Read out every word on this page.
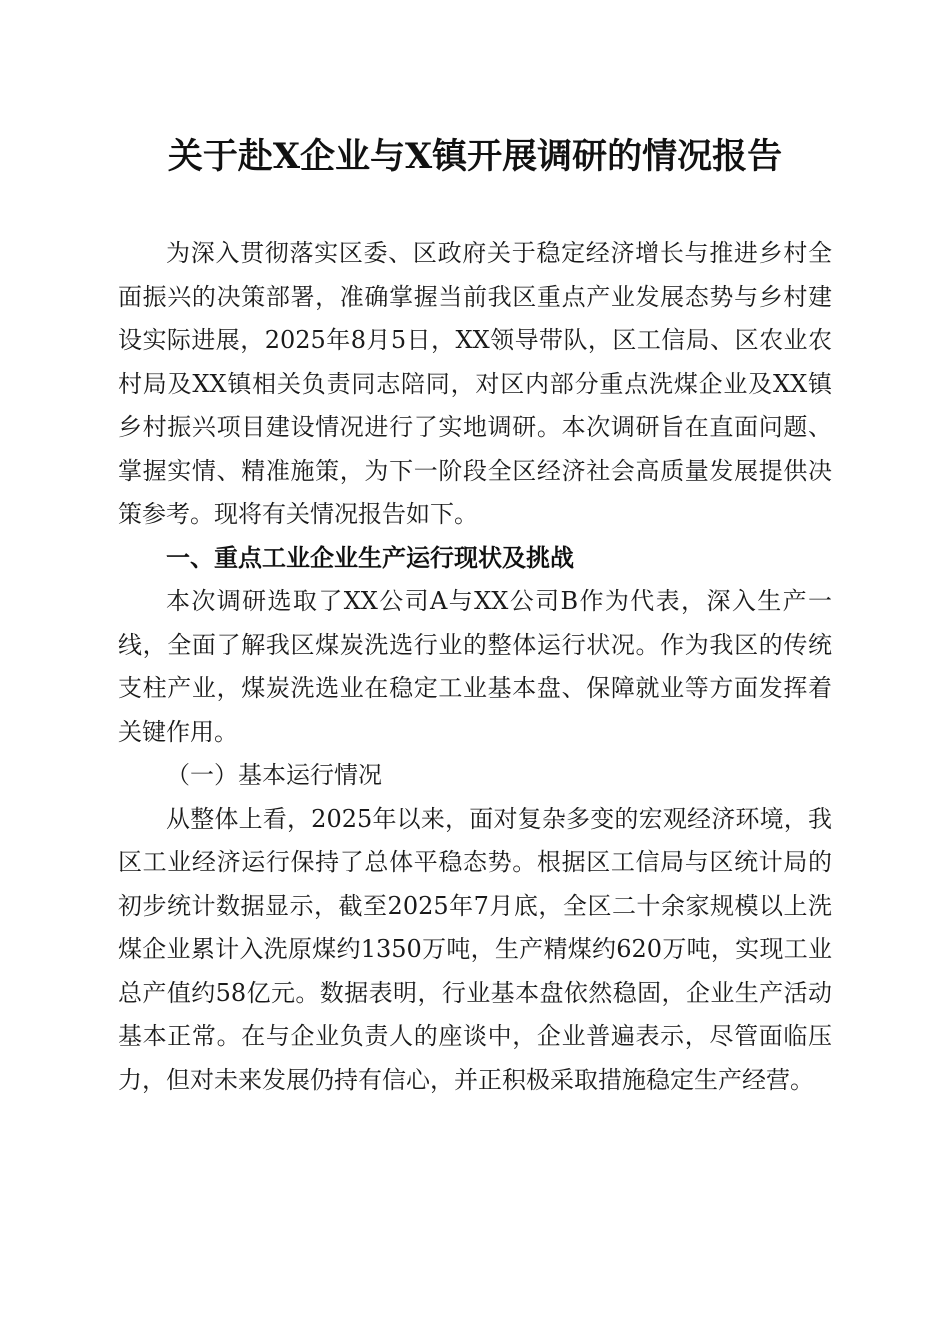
关于赴X企业与X镇开展调研的情况报告

为深入贯彻落实区委、区政府关于稳定经济增长与推进乡村全面振兴的决策部署，准确掌握当前我区重点产业发展态势与乡村建设实际进展，2025年8月5日，XX领导带队，区工信局、区农业农村局及XX镇相关负责同志陪同，对区内部分重点洗煤企业及XX镇乡村振兴项目建设情况进行了实地调研。本次调研旨在直面问题、掌握实情、精准施策，为下一阶段全区经济社会高质量发展提供决策参考。现将有关情况报告如下。

一、重点工业企业生产运行现状及挑战

本次调研选取了XX公司A与XX公司B作为代表，深入生产一线，全面了解我区煤炭洗选行业的整体运行状况。作为我区的传统支柱产业，煤炭洗选业在稳定工业基本盘、保障就业等方面发挥着关键作用。

（一）基本运行情况

从整体上看，2025年以来，面对复杂多变的宏观经济环境，我区工业经济运行保持了总体平稳态势。根据区工信局与区统计局的初步统计数据显示，截至2025年7月底，全区二十余家规模以上洗煤企业累计入洗原煤约1350万吨，生产精煤约620万吨，实现工业总产值约58亿元。数据表明，行业基本盘依然稳固，企业生产活动基本正常。在与企业负责人的座谈中，企业普遍表示，尽管面临压力，但对未来发展仍持有信心，并正积极采取措施稳定生产经营。
